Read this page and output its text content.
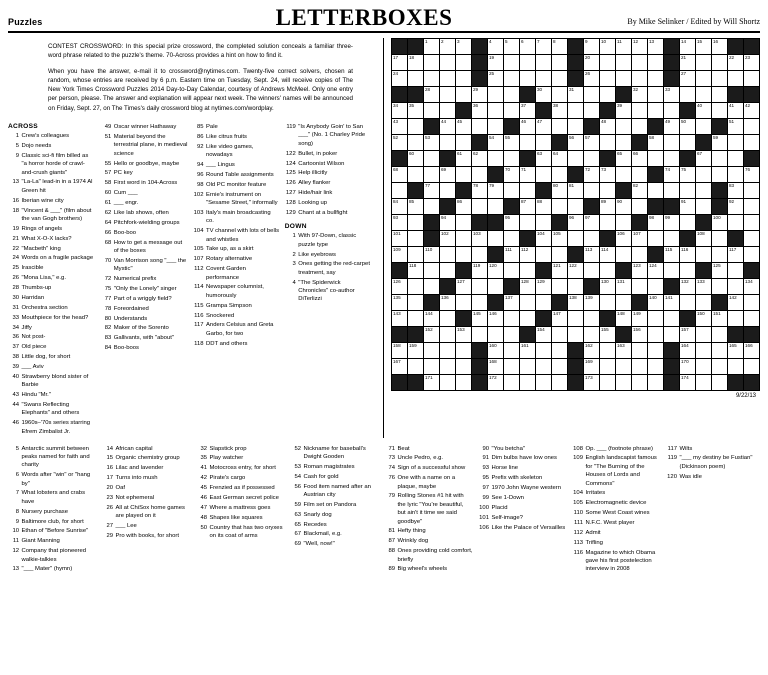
Puzzles	LETTERBOXES	By Mike Selinker / Edited by Will Shortz

CONTEST CROSSWORD: In this special prize crossword, the completed solution conceals a familiar three-word phrase related to the puzzle's theme. 70-Across provides a hint on how to find it.

When you have the answer, e-mail it to crossword@nytimes.com. Twenty-five correct solvers, chosen at random, whose entries are received by 6 p.m. Eastern time on Tuesday, Sept. 24, will receive copies of The New York Times Crossword Puzzles 2014 Day-to-Day Calendar, courtesy of Andrews McMeel. Only one entry per person, please. The answer and explanation will appear next week. The winners' names will be announced on Friday, Sept. 27, on The Times's daily crossword blog at nytimes.com/wordplay.

ACROSS
1 Crew's colleagues
5 Dojo needs
9 Classic sci-fi film billed as "a horror horde of crawl-and-crush giants"
13 "La-La" lead-in in a 1974 Al Green hit
16 Iberian wine city
18 "Vincent & ___" (film about the van Gogh brothers)
19 Rings of angels
21 What X-O-X lacks?
22 "Macbeth" king
24 Words on a fragile package
25 Irascible
26 "Mona Lisa," e.g.
28 Thumbs-up
30 Harridan
31 Orchestra section
33 Mouthpiece for the head?
34 Jiffy
36 Not post-
37 Old piece
38 Little dog, for short
39 ___ Aviv
40 Strawberry blond sister of Barbie
43 Hindu "Mr."
44 "Swans Reflecting Elephants" and others
46 1960s–'70s series starring Efrem Zimbalist Jr.
49 Oscar winner Hathaway
51 Material beyond the terrestrial plane, in medieval science
55 Hello or goodbye, maybe
57 PC key
58 First word in 104-Across
60 Cum ___
61 ___ engr.
62 Like lab shows, often
64 Pitchfork-wielding groups
66 Boo-boo
68 How to get a message out of the boxes
70 Van Morrison song "___ the Mystic"
72 Numerical prefix
75 "Only the Lonely" singer
77 Part of a wriggly field?
78 Foreordained
80 Understands
82 Maker of the Sorento
83 Gallivants, with "about"
84 Boo-boos
85 Pale
86 Like citrus fruits
92 Like video games, nowadays
94 ___ Lingus
96 Round Table assignments
98 Old PC monitor feature
102 Ernie's instrument on "Sesame Street," informally
103 Italy's main broadcasting co.
104 TV channel with lots of bells and whistles
105 Take up, as a skirt
107 Rotary alternative
112 Covent Garden performance
114 Newspaper columnist, humorously
115 Grampa Simpson
116 Snockered
117 Anders Celsius and Greta Garbo, for two
118 DDT and others
119 "Is Anybody Goin' to San ___" (No. 1 Charley Pride song)
122 Bullet, in poker
124 Cartoonist Wilson
125 Help illicitly
126 Alley flanker
127 Hide/hair link
128 Looking up
129 Chant at a bullfight
DOWN
1 With 97-Down, classic puzzle type
2 Like eyebrows
3 Ones getting the red-carpet treatment, say
4 "The Spiderwick Chronicles" co-author DiTerlizzi

		1	2	3		4	5	6	7	8		9	10	11	12	13		14	15	16		

17	18					19						20						21			22	23

24						25						26						27				

		28			29				30		31				32		33					

34	35				36			37		38				39					40		41	42

43			44	45				46	47				48				49	50			51	

52		53				54	55				56	57				58				59		

	60			61	62				63	64				65	66				67			

68			69				70	71				72	73				74	75				76

		77			78	79				80	81				82						83	

84	85			86				87	88				89	90				91			92	

93			94				95				96	97				98	99			100		

101			102		103				104	105				106	107				108			

109		110					111	112				113	114				115	116			117	

	118				119	120				121	122				123	124				125		

126				127				128	129				130	131				132	133			134

135			136				137				138	139				140	141				142	

143		144			145	146				147				148	149				150	151		

		152		153					154				155		156			157				

158	159					160		161				162		163				164			165	166

167						168						169						170				

		171				172						173						174				

9/22/13
5 Antarctic summit between peaks named for faith and charity
6 Words after "win" or "hang by"
7 What lobsters and crabs have
8 Nursery purchase
9 Baltimore club, for short
10 Ethan of "Before Sunrise"
11 Giant Manning
12 Company that pioneered walkie-talkies
13 "___ Mater" (hymn)
14 African capital
15 Organic chemistry group
16 Lilac and lavender
17 Turns into mush
20 Oaf
23 Not ephemeral
26 All at ChiSox home games are played on it
27 ___ Lee
29 Pro with books, for short
32 Slapstick prop
35 Play watcher
41 Motocross entry, for short
42 Pirate's cargo
45 Frenzied as if possessed
46 East German secret police
47 Where a mattress goes
48 Shapes like squares
50 Country that has two oryxes on its coat of arms
52 Nickname for baseball's Dwight Gooden
53 Roman magistrates
54 Cash for gold
56 Food item named after an Austrian city
59 Film set on Pandora
63 Snarly dog
65 Recedes
67 Blackmail, e.g.
69 "Well, now!"
71 Beat
73 Uncle Pedro, e.g.
74 Sign of a successful show
76 One with a name on a plaque, maybe
79 Rolling Stones #1 hit with the lyric "You're beautiful, but ain't it time we said goodbye"
81 Hefty thing
87 Wrinkly dog
88 Ones providing cold comfort, briefly
89 Big wheel's wheels
90 "You betcha"
91 Dim bulbs have low ones
93 Horse line
95 Prefix with skeleton
97 1970 John Wayne western
99 See 1-Down
100 Placid
101 Self-image?
106 Like the Palace of Versailles
108 Op. ___ (footnote phrase)
109 English landscapist famous for "The Burning of the Houses of Lords and Commons"
104 Irritates
105 Electromagnetic device
110 Some West Coast wines
111 N.F.C. West player
112 Admit
113 Trifling
116 Magazine to which Obama gave his first postelection interview in 2008
117 Wilts
119 "___ my destiny be Fustian" (Dickinson poem)
120 Was idle
